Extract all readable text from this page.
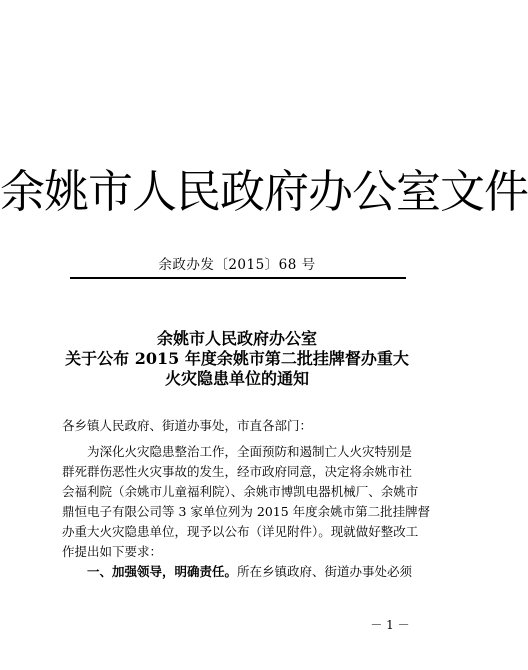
余姚市人民政府办公室文件
余政办发〔2015〕68 号
余姚市人民政府办公室
关于公布 2015 年度余姚市第二批挂牌督办重大
火灾隐患单位的通知
各乡镇人民政府、街道办事处，市直各部门：
为深化火灾隐患整治工作，全面预防和遏制亡人火灾特别是
群死群伤恶性火灾事故的发生，经市政府同意，决定将余姚市社
会福利院（余姚市儿童福利院）、余姚市博凯电器机械厂、余姚市
鼎恒电子有限公司等 3 家单位列为 2015 年度余姚市第二批挂牌督
办重大火灾隐患单位，现予以公布（详见附件）。现就做好整改工
作提出如下要求：
一、加强领导，明确责任。所在乡镇政府、街道办事处必须
－ 1 －
